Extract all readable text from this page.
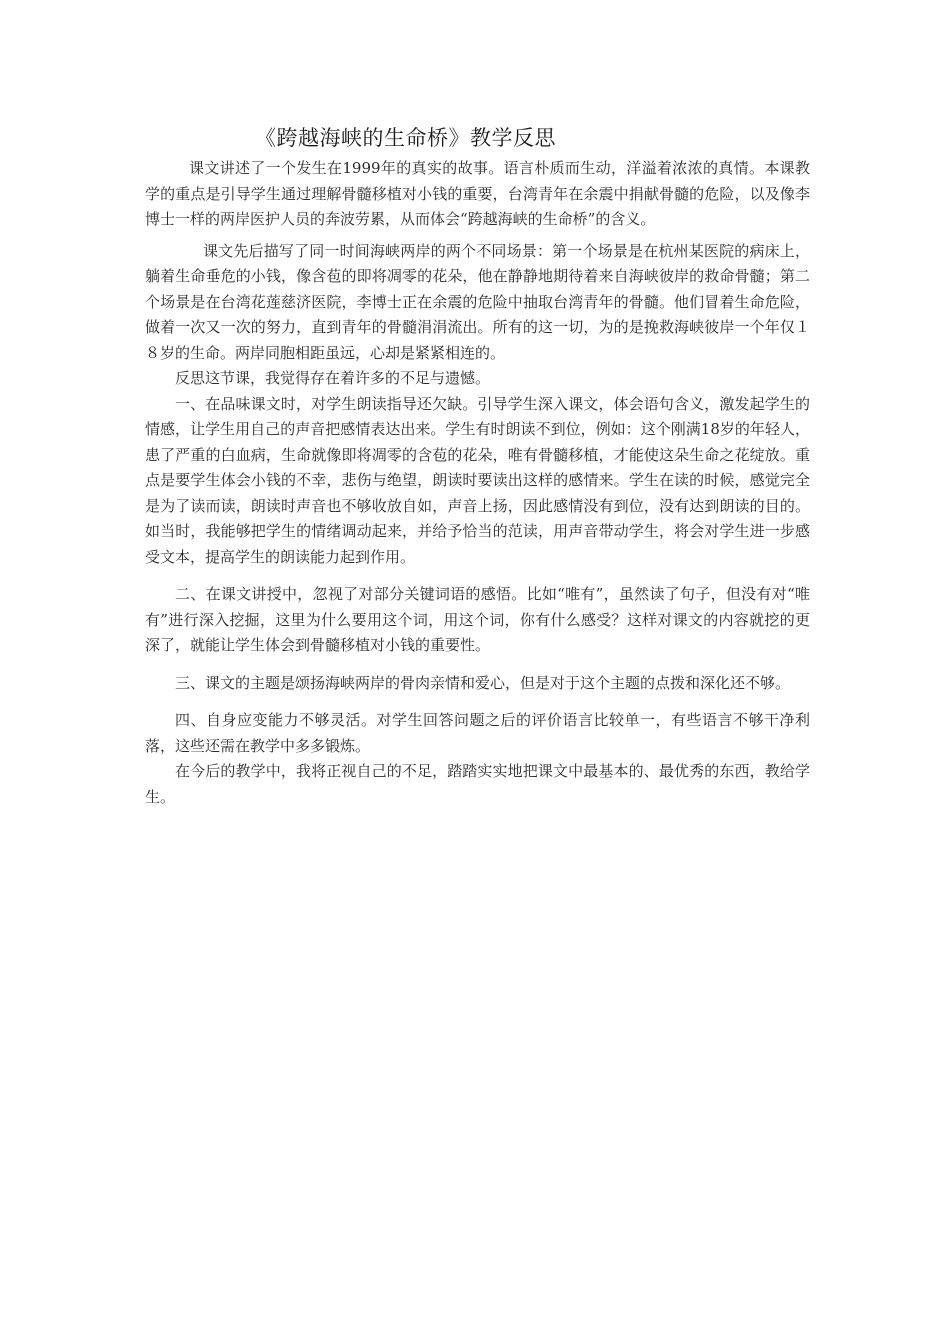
《跨越海峡的生命桥》教学反思

课文讲述了一个发生在1999年的真实的故事。语言朴质而生动，洋溢着浓浓的真情。本课教学的重点是引导学生通过理解骨髓移植对小钱的重要，台湾青年在余震中捐献骨髓的危险，以及像李博士一样的两岸医护人员的奔波劳累，从而体会“跨越海峡的生命桥”的含义。

课文先后描写了同一时间海峡两岸的两个不同场景：第一个场景是在杭州某医院的病床上，躺着生命垂危的小钱，像含苞的即将凋零的花朵，他在静静地期待着来自海峡彼岸的救命骨髓；第二个场景是在台湾花莲慈济医院，李博士正在余震的危险中抽取台湾青年的骨髓。他们冒着生命危险，做着一次又一次的努力，直到青年的骨髓涓涓流出。所有的这一切，为的是挽救海峡彼岸一个年仅１８岁的生命。两岸同胞相距虽远，心却是紧紧相连的。

反思这节课，我觉得存在着许多的不足与遗憾。

一、在品味课文时，对学生朗读指导还欠缺。引导学生深入课文，体会语句含义，激发起学生的情感，让学生用自己的声音把感情表达出来。学生有时朗读不到位，例如：这个刚满18岁的年轻人，患了严重的白血病，生命就像即将凋零的含苞的花朵，唯有骨髓移植，才能使这朵生命之花绽放。重点是要学生体会小钱的不幸，悲伤与绝望，朗读时要读出这样的感情来。学生在读的时候，感觉完全是为了读而读，朗读时声音也不够收放自如，声音上扬，因此感情没有到位，没有达到朗读的目的。如当时，我能够把学生的情绪调动起来，并给予恰当的范读，用声音带动学生，将会对学生进一步感受文本，提高学生的朗读能力起到作用。

二、在课文讲授中，忽视了对部分关键词语的感悟。比如“唯有”，虽然读了句子，但没有对“唯有”进行深入挖掘，这里为什么要用这个词，用这个词，你有什么感受？这样对课文的内容就挖的更深了，就能让学生体会到骨髓移植对小钱的重要性。

三、课文的主题是颂扬海峡两岸的骨肉亲情和爱心，但是对于这个主题的点拨和深化还不够。

四、自身应变能力不够灵活。对学生回答问题之后的评价语言比较单一，有些语言不够干净利落，这些还需在教学中多多锻炼。

在今后的教学中，我将正视自己的不足，踏踏实实地把课文中最基本的、最优秀的东西，教给学生。
